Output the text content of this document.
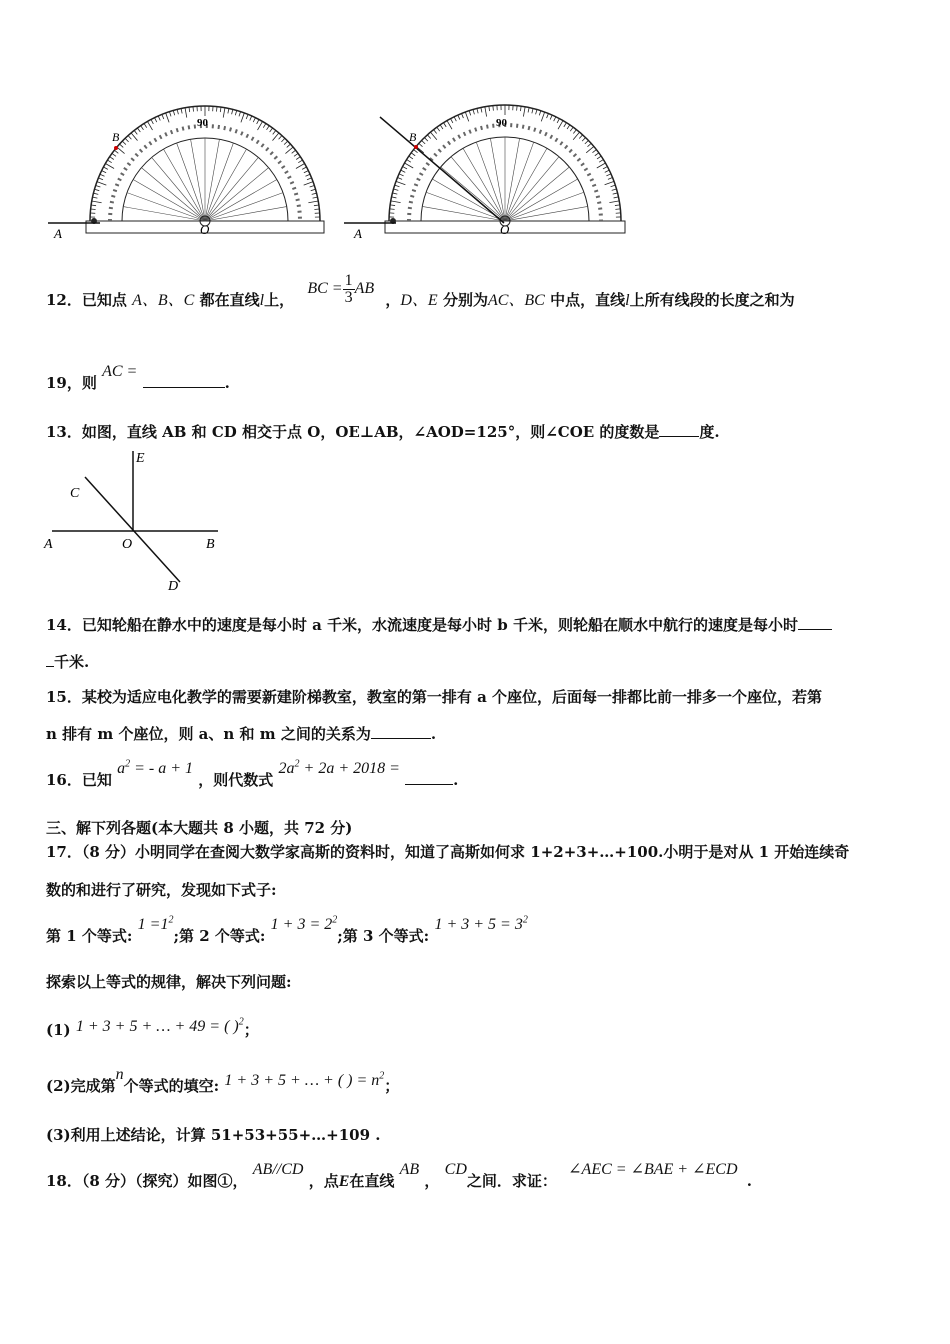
A	O
B
90
A	O
B
90
12．已知点 A、B、C 都在直线l上， BC = $\frac{1}{3}$ AB ，D、E 分别为AC、BC 中点，直线l上所有线段的长度之和为
19，则 AC = .
13．如图，直线 AB 和 CD 相交于点 O，OE⊥AB，∠AOD=125°，则∠COE 的度数是	度.
E
C
A	O	B
D
14．已知轮船在静水中的速度是每小时 a 千米，水流速度是每小时 b 千米，则轮船在顺水中航行的速度是每小时
千米.
15．某校为适应电化教学的需要新建阶梯教室，教室的第一排有 a 个座位，后面每一排都比前一排多一个座位，若第
n 排有 m 个座位，则 a、n 和 m 之间的关系为	.
16．已知 $a^2$ = - a + 1 ，则代数式 $2a^2 + 2a + 2018$ = .
三、解下列各题(本大题共 8 小题，共 72 分)
17．（8 分）小明同学在查阅大数学家高斯的资料时，知道了高斯如何求 1+2+3+…+100.小明于是对从 1 开始连续奇
数的和进行了研究，发现如下式子:
第 1 个等式: $1 =1^2$;第 2 个等式: $1 + 3 = 2^2$;第 3 个等式: $1 + 3 + 5 = 3^2$
探索以上等式的规律，解决下列问题:
(1) 1 + 3 + 5 + … + 49 = ( )$^2$；
(2)完成第n个等式的填空: 1 + 3 + 5 + … + ( ) = $n^2$；
(3)利用上述结论，计算 51+53+55+…+109 .
18．（8 分）（探究）如图①， AB//CD ，点E在直线 AB ， CD之间．求证： ∠AEC = ∠BAE + ∠ECD .
